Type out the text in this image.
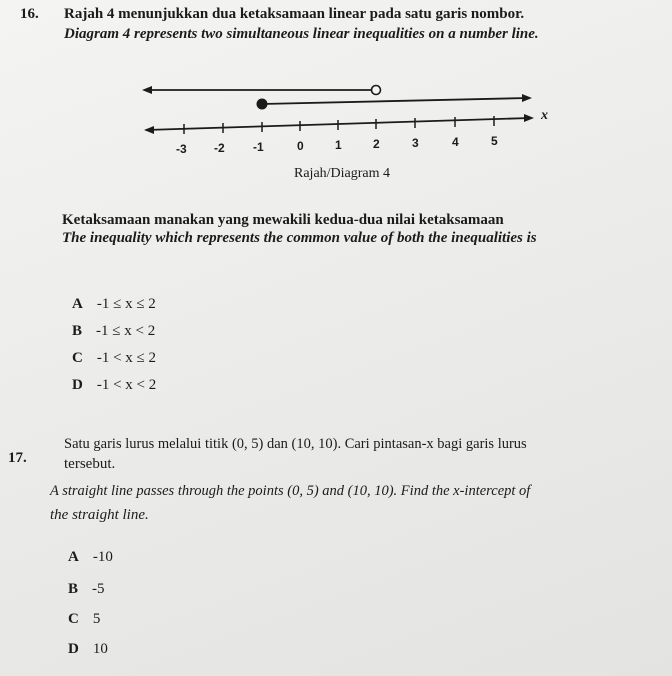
16. Rajah 4 menunjukkan dua ketaksamaan linear pada satu garis nombor.
Diagram 4 represents two simultaneous linear inequalities on a number line.
x
-3 -2 -1	0	1	2	3	4	5
Rajah/Diagram 4
Ketaksamaan manakan yang mewakili kedua-dua nilai ketaksamaan
The inequality which represents the common value of both the inequalities is
A -1 ≤ x ≤ 2
B -1 ≤ x < 2
C -1 < x ≤ 2
D -1 < x < 2
17.
Satu garis lurus melalui titik (0, 5) dan (10, 10). Cari pintasan-x bagi garis lurus
tersebut.
A straight line passes through the points (0, 5) and (10, 10). Find the x-intercept of
the straight line.
A -10
B -5
C 5
D 10
